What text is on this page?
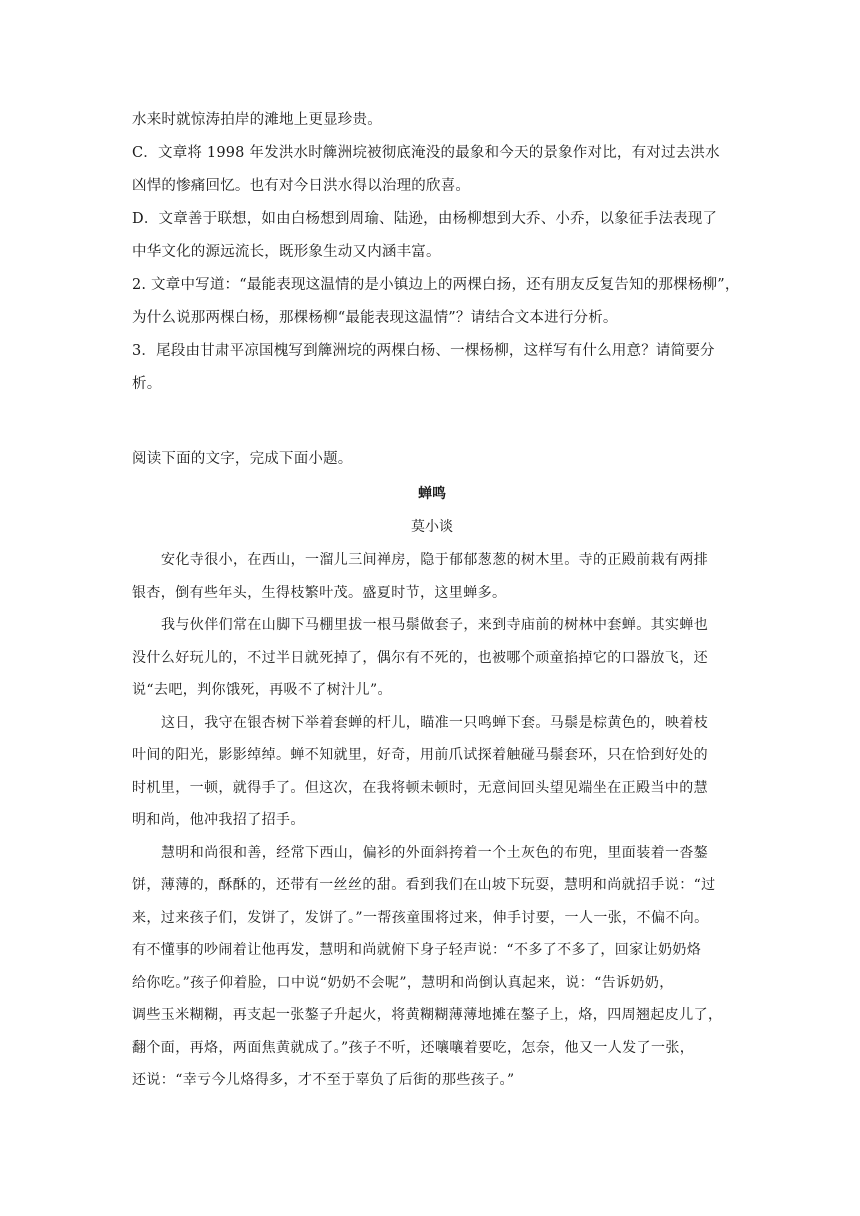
水来时就惊涛拍岸的滩地上更显珍贵。
C．文章将 1998 年发洪水时簰洲垸被彻底淹没的最象和今天的景象作对比，有对过去洪水
凶悍的惨痛回忆。也有对今日洪水得以治理的欣喜。
D．文章善于联想，如由白杨想到周瑜、陆逊，由杨柳想到大乔、小乔，以象征手法表现了
中华文化的源远流长，既形象生动又内涵丰富。
2. 文章中写道：“最能表现这温情的是小镇边上的两棵白扬，还有朋友反复告知的那棵杨柳”，
为什么说那两棵白杨，那棵杨柳“最能表现这温情”？请结合文本进行分析。
3．尾段由甘肃平凉国槐写到簰洲垸的两棵白杨、一棵杨柳，这样写有什么用意？请简要分
析。
阅读下面的文字，完成下面小题。
蝉鸣
莫小谈
安化寺很小，在西山，一溜儿三间禅房，隐于郁郁葱葱的树木里。寺的正殿前栽有两排
银杏，倒有些年头，生得枝繁叶茂。盛夏时节，这里蝉多。
我与伙伴们常在山脚下马棚里拔一根马鬃做套子，来到寺庙前的树林中套蝉。其实蝉也
没什么好玩儿的，不过半日就死掉了，偶尔有不死的，也被哪个顽童掐掉它的口器放飞，还
说“去吧，判你饿死，再吸不了树汁儿”。
这日，我守在银杏树下举着套蝉的杆儿，瞄准一只鸣蝉下套。马鬃是棕黄色的，映着枝
叶间的阳光，影影绰绰。蝉不知就里，好奇，用前爪试探着触碰马鬃套环，只在恰到好处的
时机里，一顿，就得手了。但这次，在我将顿未顿时，无意间回头望见端坐在正殿当中的慧
明和尚，他冲我招了招手。
慧明和尚很和善，经常下西山，偏衫的外面斜挎着一个土灰色的布兜，里面装着一沓鏊
饼，薄薄的，酥酥的，还带有一丝丝的甜。看到我们在山坡下玩耍，慧明和尚就招手说：“过
来，过来孩子们，发饼了，发饼了。”一帮孩童围将过来，伸手讨要，一人一张，不偏不向。
有不懂事的吵闹着让他再发，慧明和尚就俯下身子轻声说：“不多了不多了，回家让奶奶烙
给你吃。”孩子仰着脸，口中说“奶奶不会呢”，慧明和尚倒认真起来，说：“告诉奶奶，
调些玉米糊糊，再支起一张鏊子升起火，将黄糊糊薄薄地摊在鏊子上，烙，四周翘起皮儿了，
翻个面，再烙，两面焦黄就成了。”孩子不听，还嚷嚷着要吃，怎奈，他又一人发了一张，
还说：“幸亏今儿烙得多，才不至于辜负了后街的那些孩子。”
